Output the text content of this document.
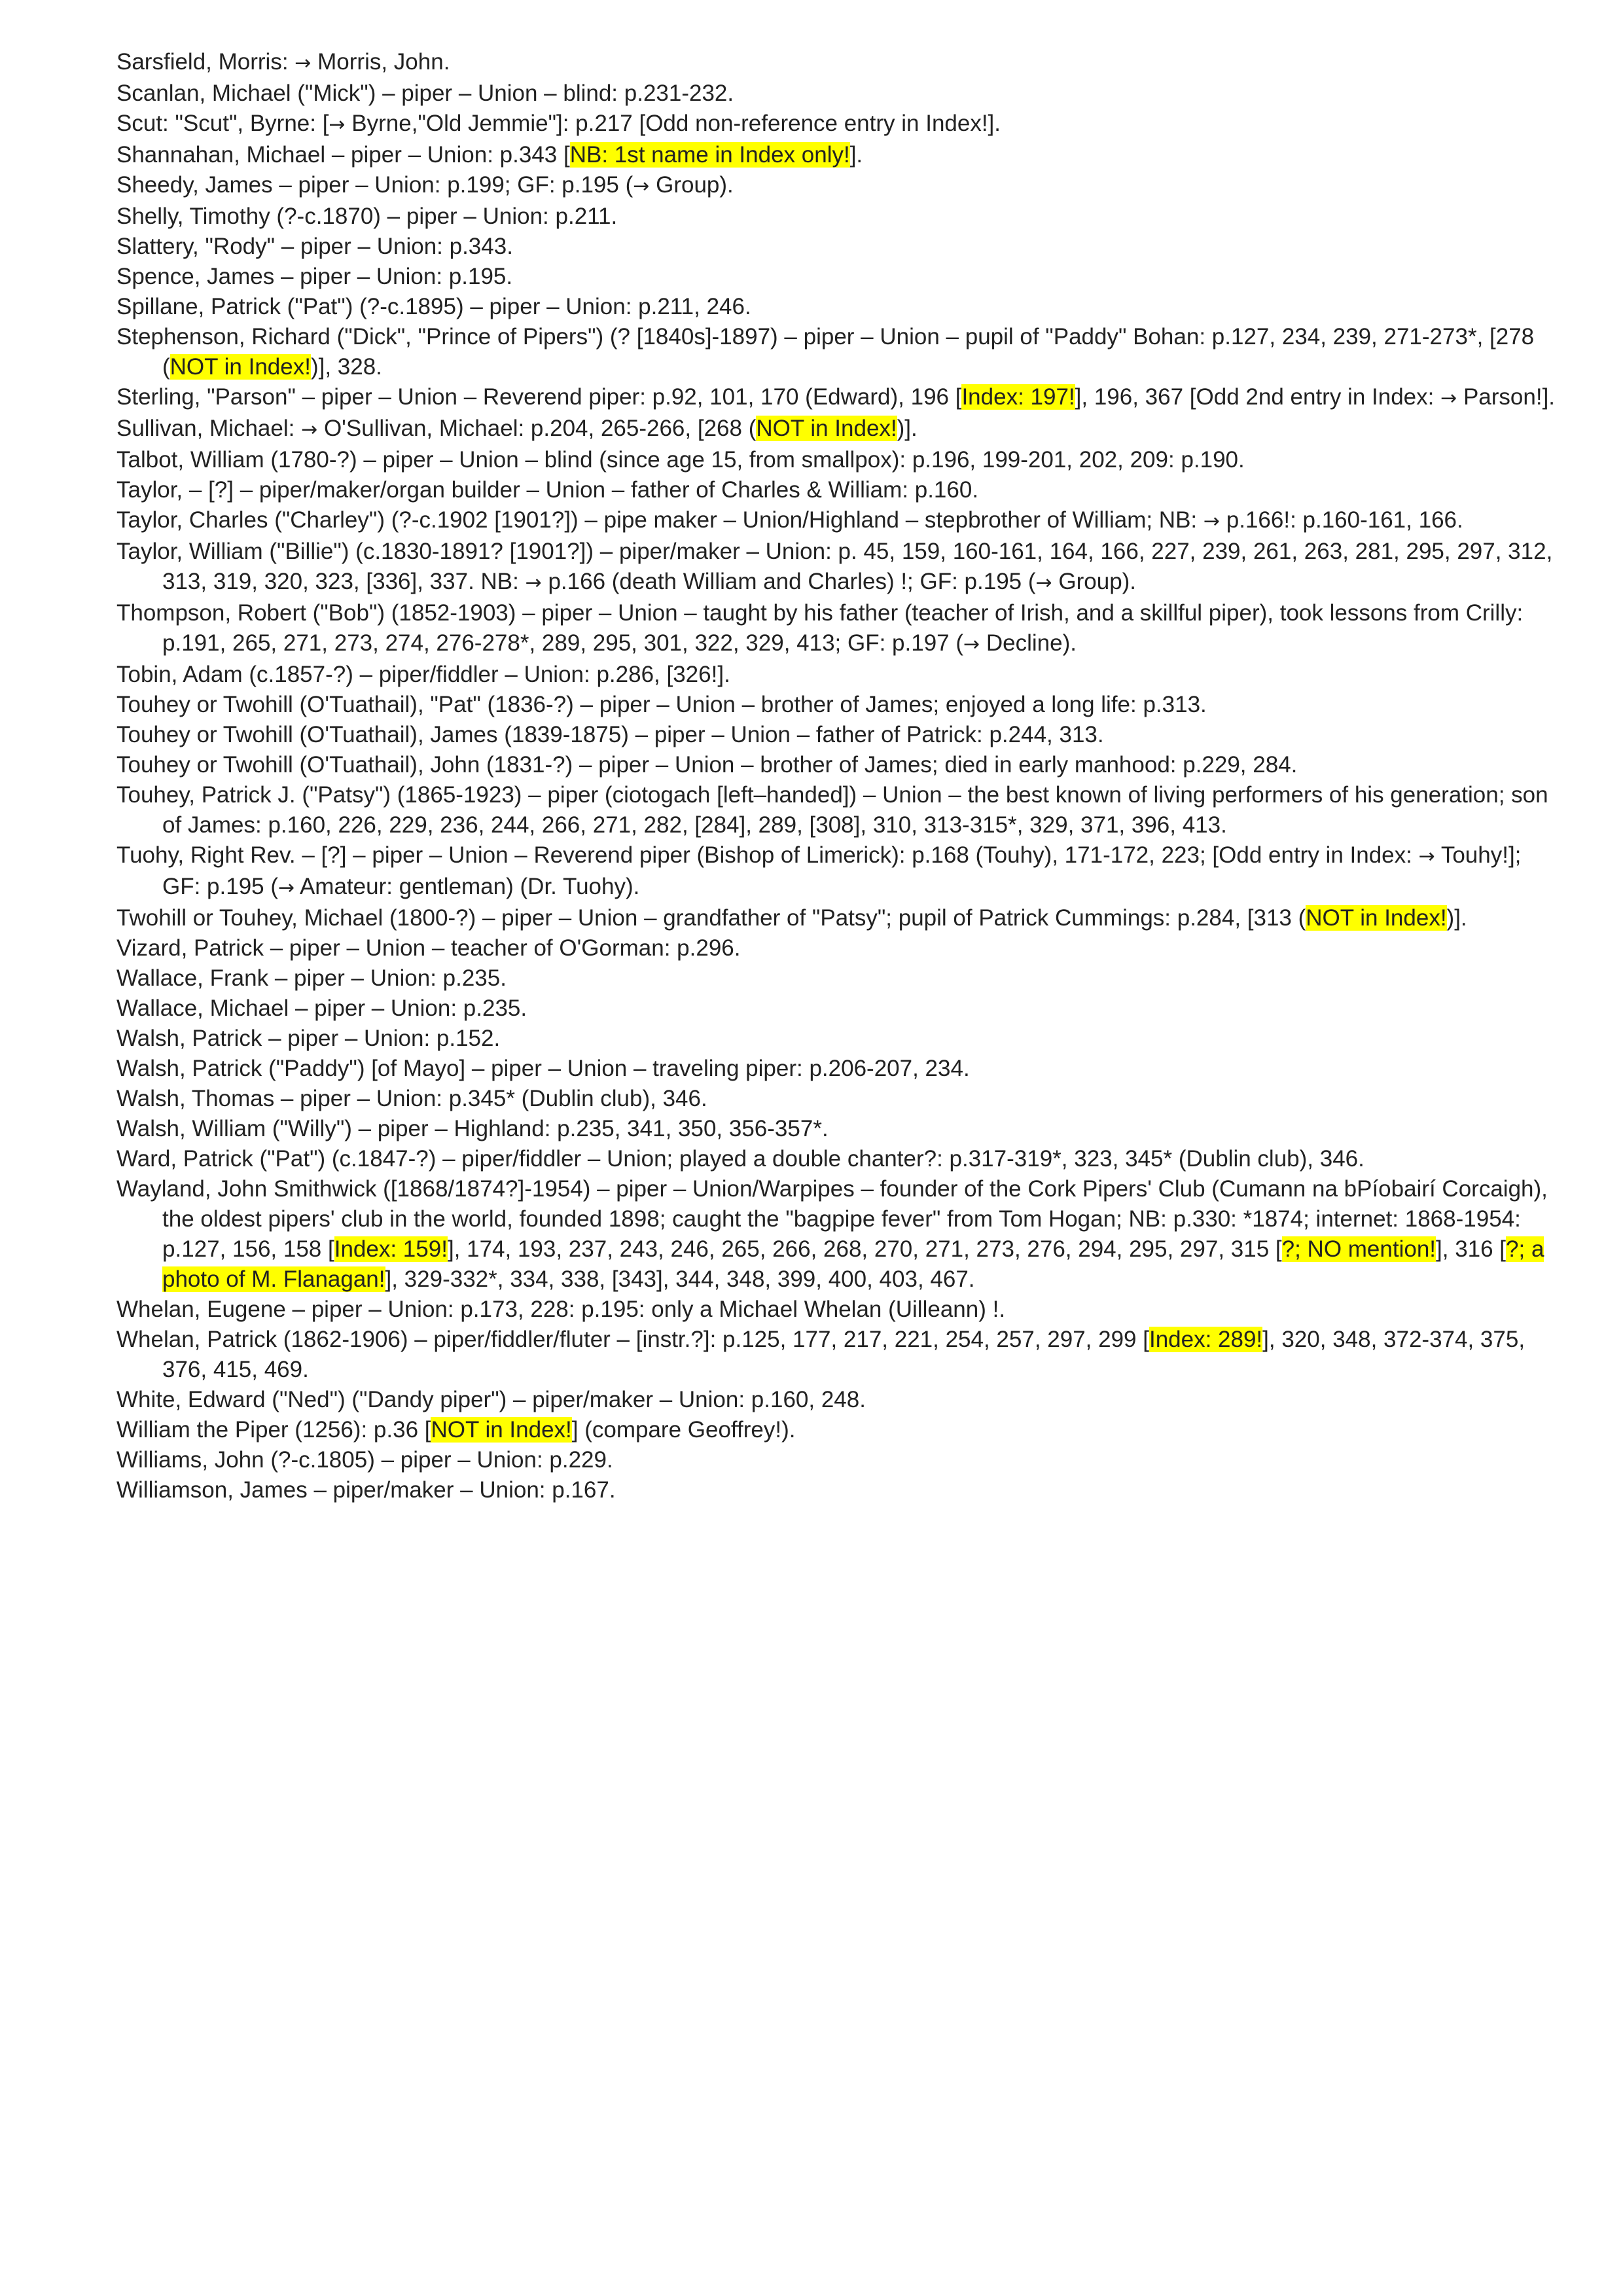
Sarsfield, Morris: → Morris, John.

Scanlan, Michael ("Mick") – piper – Union – blind: p.231-232.

Scut: "Scut", Byrne: [→ Byrne,"Old Jemmie"]: p.217 [Odd non-reference entry in Index!].

Shannahan, Michael – piper – Union: p.343 [NB: 1st name in Index only!].

Sheedy, James – piper – Union: p.199; GF: p.195 (→ Group).

Shelly, Timothy (?-c.1870) – piper – Union: p.211.

Slattery, "Rody" – piper – Union: p.343.

Spence, James – piper – Union: p.195.

Spillane, Patrick ("Pat") (?-c.1895) – piper – Union: p.211, 246.

Stephenson, Richard ("Dick", "Prince of Pipers") (? [1840s]-1897) – piper – Union – pupil of "Paddy" Bohan: p.127, 234, 239, 271-273*, [278 (NOT in Index!)], 328.

Sterling, "Parson" – piper – Union – Reverend piper: p.92, 101, 170 (Edward), 196 [Index: 197!], 196, 367 [Odd 2nd entry in Index: → Parson!].

Sullivan, Michael: → O'Sullivan, Michael: p.204, 265-266, [268 (NOT in Index!)].

Talbot, William (1780-?) – piper – Union – blind (since age 15, from smallpox): p.196, 199-201, 202, 209: p.190.

Taylor, – [?] – piper/maker/organ builder – Union – father of Charles & William: p.160.

Taylor, Charles ("Charley") (?-c.1902 [1901?]) – pipe maker – Union/Highland – stepbrother of William; NB: → p.166!: p.160-161, 166.

Taylor, William ("Billie") (c.1830-1891? [1901?]) – piper/maker – Union: p. 45, 159, 160-161, 164, 166, 227, 239, 261, 263, 281, 295, 297, 312, 313, 319, 320, 323, [336], 337. NB: → p.166 (death William and Charles) !; GF: p.195 (→ Group).

Thompson, Robert ("Bob") (1852-1903) – piper – Union – taught by his father (teacher of Irish, and a skillful piper), took lessons from Crilly: p.191, 265, 271, 273, 274, 276-278*, 289, 295, 301, 322, 329, 413; GF: p.197 (→ Decline).

Tobin, Adam (c.1857-?) – piper/fiddler – Union: p.286, [326!].

Touhey or Twohill (O'Tuathail), "Pat" (1836-?) – piper – Union – brother of James; enjoyed a long life: p.313.

Touhey or Twohill (O'Tuathail), James (1839-1875) – piper – Union – father of Patrick: p.244, 313.

Touhey or Twohill (O'Tuathail), John (1831-?) – piper – Union – brother of James; died in early manhood: p.229, 284.

Touhey, Patrick J. ("Patsy") (1865-1923) – piper (ciotogach [left–handed]) – Union – the best known of living performers of his generation; son of James: p.160, 226, 229, 236, 244, 266, 271, 282, [284], 289, [308], 310, 313-315*, 329, 371, 396, 413.

Tuohy, Right Rev. – [?] – piper – Union – Reverend piper (Bishop of Limerick): p.168 (Touhy), 171-172, 223; [Odd entry in Index: → Touhy!]; GF: p.195 (→ Amateur: gentleman) (Dr. Tuohy).

Twohill or Touhey, Michael (1800-?) – piper – Union – grandfather of "Patsy"; pupil of Patrick Cummings: p.284, [313 (NOT in Index!)].

Vizard, Patrick – piper – Union – teacher of O'Gorman: p.296.

Wallace, Frank – piper – Union: p.235.

Wallace, Michael – piper – Union: p.235.

Walsh, Patrick – piper – Union: p.152.

Walsh, Patrick ("Paddy") [of Mayo] – piper – Union – traveling piper: p.206-207, 234.

Walsh, Thomas – piper – Union: p.345* (Dublin club), 346.

Walsh, William ("Willy") – piper – Highland: p.235, 341, 350, 356-357*.

Ward, Patrick ("Pat") (c.1847-?) – piper/fiddler – Union; played a double chanter?: p.317-319*, 323, 345* (Dublin club), 346.

Wayland, John Smithwick ([1868/1874?]-1954) – piper – Union/Warpipes – founder of the Cork Pipers' Club (Cumann na bPíobairí Corcaigh), the oldest pipers' club in the world, founded 1898; caught the "bagpipe fever" from Tom Hogan; NB: p.330: *1874; internet: 1868-1954: p.127, 156, 158 [Index: 159!], 174, 193, 237, 243, 246, 265, 266, 268, 270, 271, 273, 276, 294, 295, 297, 315 [?; NO mention!], 316 [?; a photo of M. Flanagan!], 329-332*, 334, 338, [343], 344, 348, 399, 400, 403, 467.

Whelan, Eugene – piper – Union: p.173, 228: p.195: only a Michael Whelan (Uilleann) !.

Whelan, Patrick (1862-1906) – piper/fiddler/fluter – [instr.?]: p.125, 177, 217, 221, 254, 257, 297, 299 [Index: 289!], 320, 348, 372-374, 375, 376, 415, 469.

White, Edward ("Ned") ("Dandy piper") – piper/maker – Union: p.160, 248.

William the Piper (1256): p.36 [NOT in Index!] (compare Geoffrey!).

Williams, John (?-c.1805) – piper – Union: p.229.

Williamson, James – piper/maker – Union: p.167.
